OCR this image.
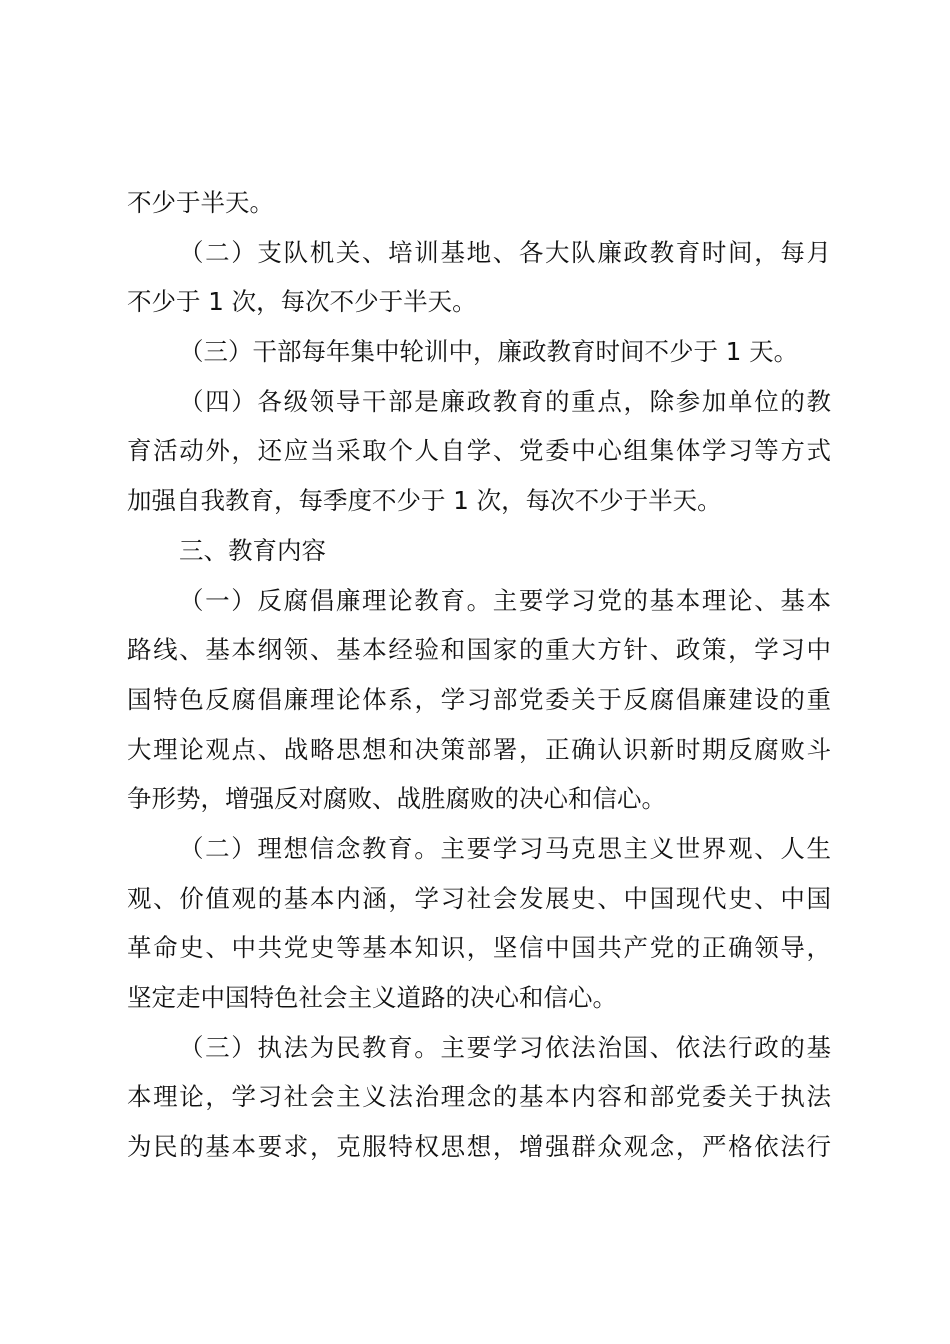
不少于半天。
（二）支队机关、培训基地、各大队廉政教育时间，每月
不少于 1 次，每次不少于半天。
（三）干部每年集中轮训中，廉政教育时间不少于 1 天。
（四）各级领导干部是廉政教育的重点，除参加单位的教
育活动外，还应当采取个人自学、党委中心组集体学习等方式
加强自我教育，每季度不少于 1 次，每次不少于半天。
三、教育内容
（一）反腐倡廉理论教育。主要学习党的基本理论、基本
路线、基本纲领、基本经验和国家的重大方针、政策，学习中
国特色反腐倡廉理论体系，学习部党委关于反腐倡廉建设的重
大理论观点、战略思想和决策部署，正确认识新时期反腐败斗
争形势，增强反对腐败、战胜腐败的决心和信心。
（二）理想信念教育。主要学习马克思主义世界观、人生
观、价值观的基本内涵，学习社会发展史、中国现代史、中国
革命史、中共党史等基本知识，坚信中国共产党的正确领导，
坚定走中国特色社会主义道路的决心和信心。
（三）执法为民教育。主要学习依法治国、依法行政的基
本理论，学习社会主义法治理念的基本内容和部党委关于执法
为民的基本要求，克服特权思想，增强群众观念，严格依法行
